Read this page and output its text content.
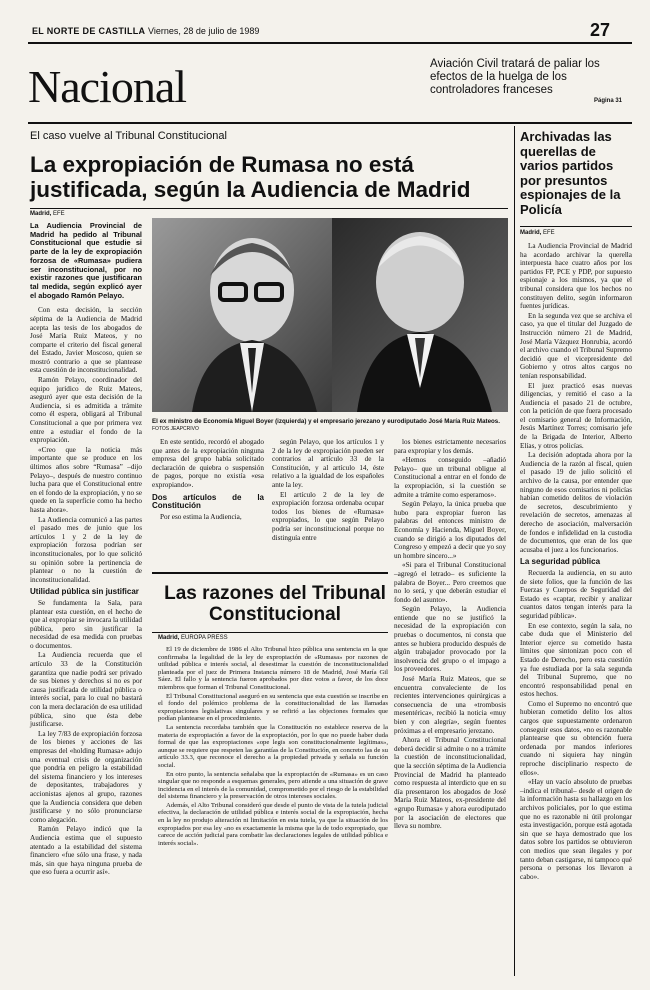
EL NORTE DE CASTILLA Viernes, 28 de julio de 1989	27
Nacional	Aviación Civil tratará de paliar los efectos de la huelga de los controladores franceses
Página 31
El caso vuelve al Tribunal Constitucional
La expropiación de Rumasa no está justificada, según la Audiencia de Madrid
Madrid, EFE
El ex ministro de Economía Miguel Boyer (izquierda) y el empresario jerezano y eurodiputado José María Ruiz Mateos. FOTOS JEAPCRIVO
La Audiencia Provincial de Madrid ha pedido al Tribunal Constitucional que estudie si parte de la ley de expropiación forzosa de «Rumasa» pudiera ser inconstitucional, por no existir razones que justificaran tal medida, según explicó ayer el abogado Ramón Pelayo.

Con esta decisión, la sección séptima de la Audiencia de Madrid acepta las tesis de los abogados de José María Ruiz Mateos, y no comparte el criterio del fiscal general del Estado, Javier Moscoso, quien se mostró contrario a que se plantease esta cuestión de inconstitucionalidad.

Ramón Pelayo, coordinador del equipo jurídico de Ruiz Mateos, aseguró ayer que esta decisión de la Audiencia, si es admitida a trámite como él espera, obligará al Tribunal Constitucional a que por primera vez entre a estudiar el fondo de la expropiación.

«Creo que la noticia más importante que se produce en los últimos años sobre “Rumasa” –dijo Pelayo–, después de nuestro continuo lucha para que el Constitucional entre en el fondo de la expropiación, y no se quede en la superficie como ha hecho hasta ahora».

La Audiencia comunicó a las partes el pasado mes de junio que los artículos 1 y 2 de la ley de expropiación forzosa podrían ser inconstitucionales, por lo que solicitó su opinión sobre la pertinencia de plantear o no la cuestión de inconstitucionalidad.

Utilidad pública sin justificar

Se fundamenta la Sala, para plantear esta cuestión, en el hecho de que al expropiar se invocara la utilidad pública, pero sin justificar la necesidad de esa medida con pruebas o documentos.

La Audiencia recuerda que el artículo 33 de la Constitución garantiza que nadie podrá ser privado de sus bienes y derechos si no es por causa justificada de utilidad pública o interés social, para lo cual no bastará con la mera declaración de esa utilidad pública, sino que ésta debe justificarse.

La ley 7/83 de expropiación forzosa de los bienes y acciones de las empresas del «holding Rumasa» adujo una eventual crisis de organización que pondría en peligro la estabilidad del sistema financiero y los intereses de depositantes, trabajadores y accionistas ajenos al grupo, razones que la Audiencia considera que deben justificarse y no sólo pronunciarse como alegación.

Ramón Pelayo indicó que la Audiencia estima que el supuesto atentado a la estabilidad del sistema financiero «fue sólo una frase, y nada más, sin que haya ninguna prueba de que eso fuera a ocurrir así».

En este sentido, recordó el abogado que antes de la expropiación ninguna empresa del grupo había solicitado declaración de quiebra o suspensión de pagos, porque no existía «esa expropiando».

Dos artículos de la Constitución

Por eso estima la Audiencia,

según Pelayo, que los artículos 1 y 2 de la ley de expropiación pueden ser contrarios al artículo 33 de la Constitución, y al artículo 14, éste relativo a la igualdad de los españoles ante la ley.

El artículo 2 de la ley de expropiación forzosa ordenaba ocupar todos los bienes de «Rumasa» expropiados, lo que según Pelayo podría ser inconstitucional porque no distinguía entre

los bienes estrictamente necesarios para expropiar y los demás.

«Hemos conseguido –añadió Pelayo– que un tribunal obligue al Constitucional a entrar en el fondo de la expropiación, si la cuestión se admite a trámite como esperamos».

Según Pelayo, la única prueba que hubo para expropiar fueron las palabras del entonces ministro de Economía y Hacienda, Miguel Boyer, cuando se dirigió a los diputados del Congreso y empezó a decir que yo soy un hombre sincero...»

«Si para el Tribunal Constitucional –agregó el letrado– es suficiente la palabra de Boyer... Pero creemos que no lo será, y que deberán estudiar el fondo del asunto».

Según Pelayo, la Audiencia entiende que no se justificó la necesidad de la expropiación con pruebas o documentos, ni consta que antes se hubiera producido después de algún trabajador provocado por la insolvencia del grupo o el impago a los proveedores.

José María Ruiz Mateos, que se encuentra convaleciente de los recientes intervenciones quirúrgicas a consecuencia de una «trombosis mesentérica», recibió la noticia «muy bien y con alegría», según fuentes próximas a el empresario jerezano.

Ahora el Tribunal Constitucional deberá decidir si admite o no a trámite la cuestión de inconstitucionalidad, que la sección séptima de la Audiencia Provincial de Madrid ha planteado como respuesta al interdicto que en su día presentaron los abogados de José María Ruiz Mateos, ex-presidente del «grupo Rumasa» y ahora eurodiputado por la asociación de electores que lleva su nombre.

Las razones del Tribunal Constitucional
Madrid, EUROPA PRESS

El 19 de diciembre de 1986 el Alto Tribunal hizo pública una sentencia en la que confirmaba la legalidad de la ley de expropiación de «Rumasa» por razones de utilidad pública e interés social, al desestimar la cuestión de inconstitucionalidad planteada por el juez de Primera Instancia número 18 de Madrid, José María Gil Sáez. El fallo y la sentencia fueron aprobados por diez votos a favor, de los doce miembros que forman el Tribunal Constitucional.

El Tribunal Constitucional aseguró en su sentencia que esta cuestión se inscribe en el fondo del polémico problema de la constitucionalidad de las llamadas expropiaciones legislativas singulares y se refirió a las objeciones formales que podían plantearse en el procedimiento.

La sentencia recordaba también que la Constitución no establece reserva de la materia de expropiación a favor de la expropiación, por lo que no puede haber duda formal de que las expropiaciones «ope legis son constitucionalmente legítimas», aunque se requiere que respeten las garantías de la Constitución, en concreto las de su artículo 33.3, que reconoce el derecho a la propiedad privada y señala su función social.

En otro punto, la sentencia señalaba que la expropiación de «Rumasa» es un caso singular que no responde a esquemas generales, pero atiende a una situación de grave incidencia en el interés de la comunidad, comprometido por el riesgo de la estabilidad del sistema financiero y la preservación de otros intereses sociales.

Además, el Alto Tribunal consideró que desde el punto de vista de la tutela judicial efectiva, la declaración de utilidad pública e interés social de la expropiación, hecha en la ley no produjo alteración ni limitación en esta tutela, ya que la situación de los expropiados por esa ley «no es exactamente la misma que la de todo expropiado, que carece de acción judicial para combatir las declaraciones legales de utilidad pública e interés social».

Archivadas las querellas de varios partidos por presuntos espionajes de la Policía
Madrid, EFE

La Audiencia Provincial de Madrid ha acordado archivar la querella interpuesta hace cuatro años por los partidos FP, PCE y PDP, por supuesto espionaje a los mismos, ya que el tribunal considera que los hechos no constituyen delito, según informaron fuentes jurídicas.

En la segunda vez que se archiva el caso, ya que el titular del Juzgado de Instrucción número 21 de Madrid, José María Vázquez Honrubia, acordó el archivo cuando el Tribunal Supremo decidió que el vicepresidente del Gobierno y otros altos cargos no tenían responsabilidad.

El juez practicó esas nuevas diligencias, y remitió el caso a la Audiencia el pasado 21 de octubre, con la petición de que fuera procesado el comisario general de Información, Jesús Martínez Torres; comisario jefe de la Brigada de Interior, Alberto Elías, y otros policías.

La decisión adoptada ahora por la Audiencia de la razón al fiscal, quien el pasado 19 de julio solicitó el archivo de la causa, por entender que ninguno de esos comisarios ni policías habían cometido delitos de violación de secretos, descubrimiento y revelación de secretos, amenazas al derecho de asociación, malversación de fondos e infidelidad en la custodia de documentos, que eran de los que acusaba el juez a los funcionarios.

La seguridad pública

Recuerda la audiencia, en su auto de siete folios, que la función de las Fuerzas y Cuerpos de Seguridad del Estado es «captar, recibir y analizar cuantos datos tengan interés para la seguridad pública».

En ese contexto, según la sala, no cabe duda que el Ministerio del Interior ejerce su cometido hasta límites que sintonizan poco con el Estado de Derecho, pero esta cuestión ya fue estudiada por la sala segunda del Tribunal Supremo, que no encontró responsabilidad penal en estos hechos.

Como el Supremo no encontró que hubieran cometido delito los altos cargos que supuestamente ordenaron conseguir esos datos, «no es razonable plantearse que su obtención fuera ordenada por mandos inferiores cuando ni siquiera hay ningún reproche disciplinario respecto de ellos».

«Hay un vacío absoluto de pruebas –indica el tribunal– desde el origen de la información hasta su hallazgo en los archivos policiales, por lo que estima que no es razonable ni útil prolongar esta investigación, porque está agotada sin que se haya demostrado que los datos sobre los partidos se obtuvieron con medios que sean ilegales y por tanto deban castigarse, ni tampoco qué persona o personas los llevaron a cabo».
